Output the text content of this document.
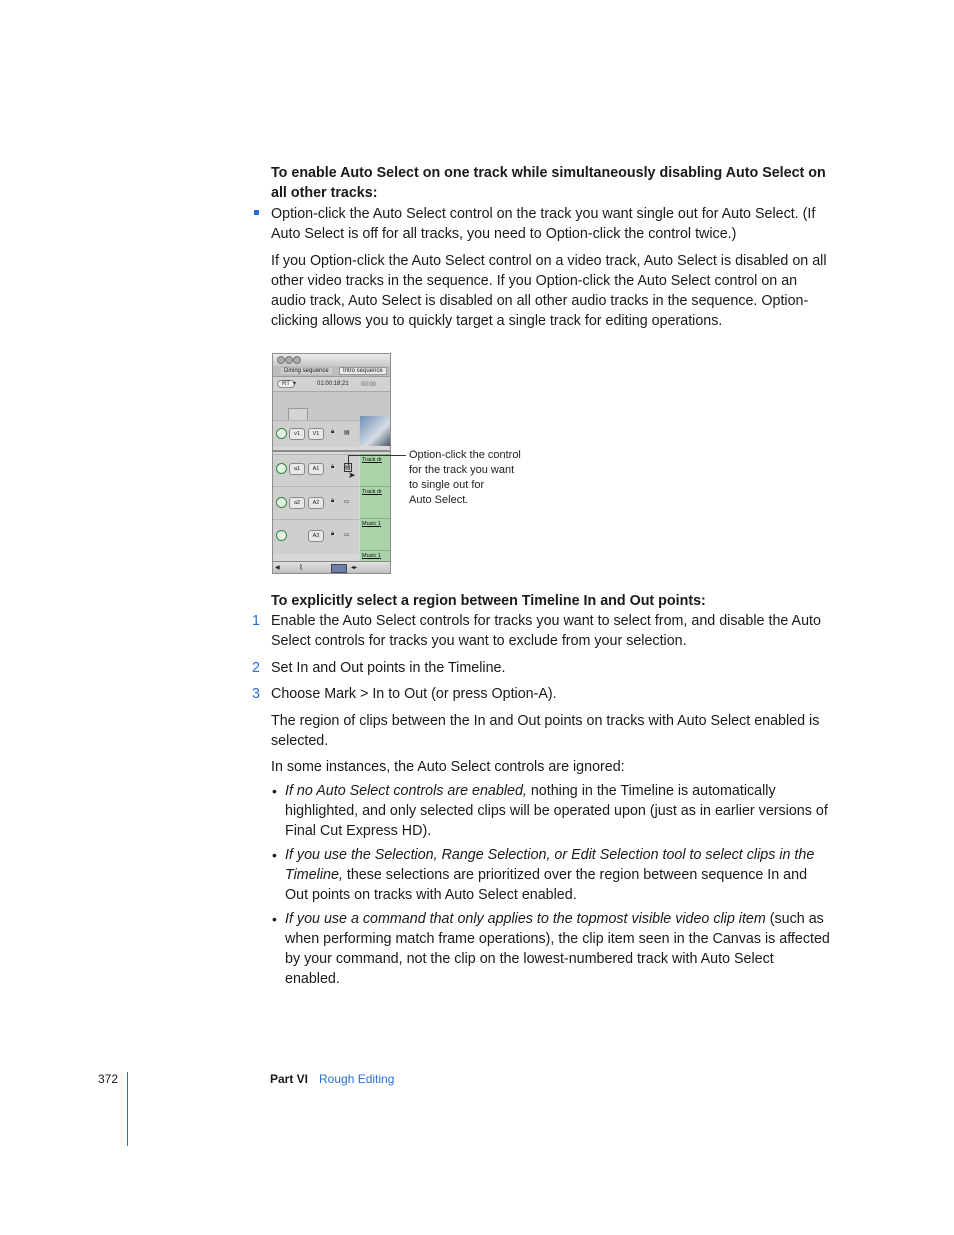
To enable Auto Select on one track while simultaneously disabling Auto Select on all other tracks:
Option-click the Auto Select control on the track you want single out for Auto Select. (If Auto Select is off for all tracks, you need to Option-click the control twice.)
If you Option-click the Auto Select control on a video track, Auto Select is disabled on all other video tracks in the sequence. If you Option-click the Auto Select control on an audio track, Auto Select is disabled on all other audio tracks in the sequence. Option-clicking allows you to quickly target a single track for editing operations.
Dining sequence	Intro sequence
RT ▾	01:00:18;21 00:00
v1	V1	🔒︎ ▤
a1	A1	🔒︎ ▤
➤
a2	A2	🔒︎ ▭
A3	🔒︎ ▭
Track dr
Track dr
Music 1
Music 1
◀︎ ⌇	◂▸
Option-click the control
for the track you want
to single out for
Auto Select.
To explicitly select a region between Timeline In and Out points:
1 Enable the Auto Select controls for tracks you want to select from, and disable the Auto Select controls for tracks you want to exclude from your selection.
2 Set In and Out points in the Timeline.
3 Choose Mark > In to Out (or press Option-A).
The region of clips between the In and Out points on tracks with Auto Select enabled is selected.
In some instances, the Auto Select controls are ignored:
• If no Auto Select controls are enabled, nothing in the Timeline is automatically highlighted, and only selected clips will be operated upon (just as in earlier versions of Final Cut Express HD).
• If you use the Selection, Range Selection, or Edit Selection tool to select clips in the Timeline, these selections are prioritized over the region between sequence In and Out points on tracks with Auto Select enabled.
• If you use a command that only applies to the topmost visible video clip item (such as when performing match frame operations), the clip item seen in the Canvas is affected by your command, not the clip on the lowest-numbered track with Auto Select enabled.
372	Part VI Rough Editing
